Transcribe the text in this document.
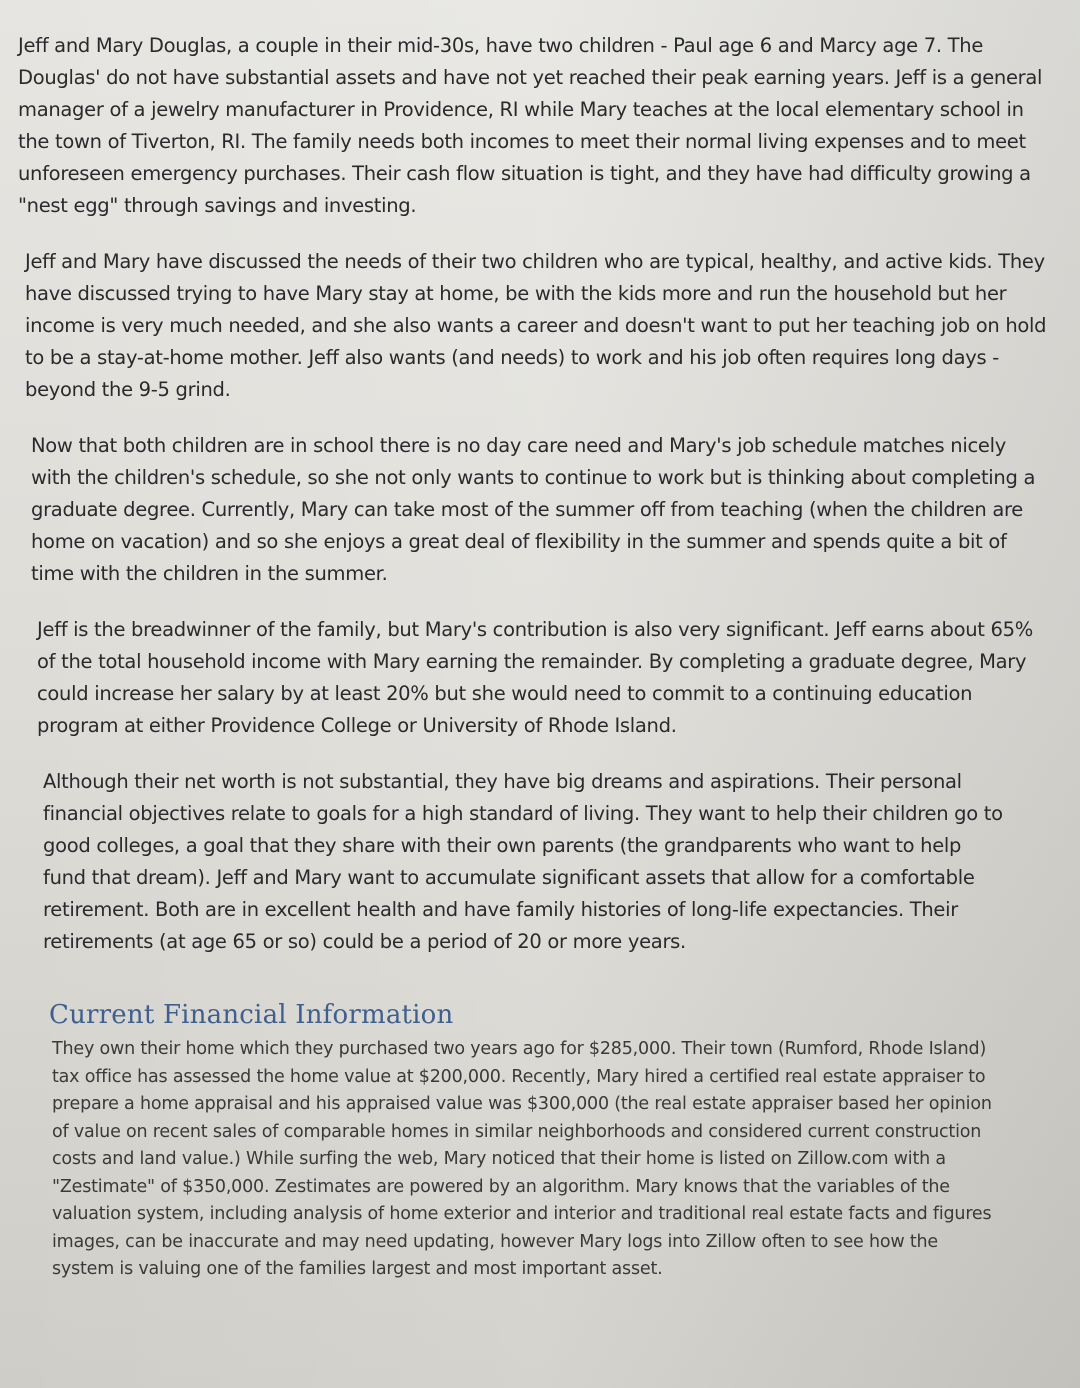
Jeff and Mary Douglas, a couple in their mid-30s, have two children - Paul age 6 and Marcy age 7. The Douglas' do not have substantial assets and have not yet reached their peak earning years. Jeff is a general manager of a jewelry manufacturer in Providence, RI while Mary teaches at the local elementary school in the town of Tiverton, RI. The family needs both incomes to meet their normal living expenses and to meet unforeseen emergency purchases. Their cash flow situation is tight, and they have had difficulty growing a "nest egg" through savings and investing.

Jeff and Mary have discussed the needs of their two children who are typical, healthy, and active kids. They have discussed trying to have Mary stay at home, be with the kids more and run the household but her income is very much needed, and she also wants a career and doesn't want to put her teaching job on hold to be a stay-at-home mother. Jeff also wants (and needs) to work and his job often requires long days - beyond the 9-5 grind.

Now that both children are in school there is no day care need and Mary's job schedule matches nicely with the children's schedule, so she not only wants to continue to work but is thinking about completing a graduate degree. Currently, Mary can take most of the summer off from teaching (when the children are home on vacation) and so she enjoys a great deal of flexibility in the summer and spends quite a bit of time with the children in the summer.

Jeff is the breadwinner of the family, but Mary's contribution is also very significant. Jeff earns about 65% of the total household income with Mary earning the remainder. By completing a graduate degree, Mary could increase her salary by at least 20% but she would need to commit to a continuing education program at either Providence College or University of Rhode Island.

Although their net worth is not substantial, they have big dreams and aspirations. Their personal financial objectives relate to goals for a high standard of living. They want to help their children go to good colleges, a goal that they share with their own parents (the grandparents who want to help fund that dream). Jeff and Mary want to accumulate significant assets that allow for a comfortable retirement. Both are in excellent health and have family histories of long-life expectancies. Their retirements (at age 65 or so) could be a period of 20 or more years.

Current Financial Information

They own their home which they purchased two years ago for $285,000. Their town (Rumford, Rhode Island) tax office has assessed the home value at $200,000. Recently, Mary hired a certified real estate appraiser to prepare a home appraisal and his appraised value was $300,000 (the real estate appraiser based her opinion of value on recent sales of comparable homes in similar neighborhoods and considered current construction costs and land value.) While surfing the web, Mary noticed that their home is listed on Zillow.com with a "Zestimate" of $350,000. Zestimates are powered by an algorithm. Mary knows that the variables of the valuation system, including analysis of home exterior and interior and traditional real estate facts and figures images, can be inaccurate and may need updating, however Mary logs into Zillow often to see how the system is valuing one of the families largest and most important asset.
